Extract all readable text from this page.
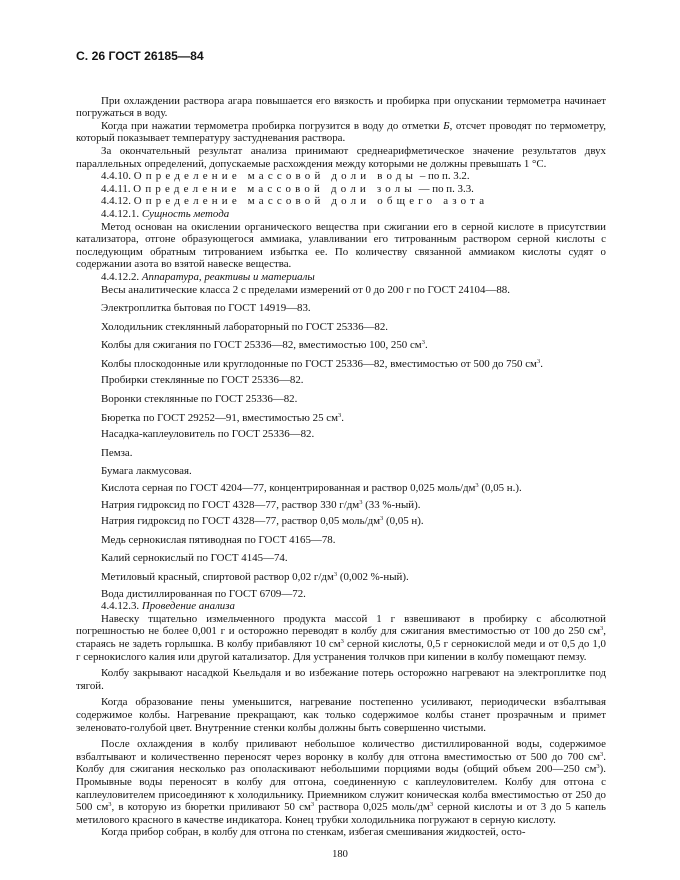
С. 26 ГОСТ 26185—84

При охлаждении раствора агара повышается его вязкость и пробирка при опускании термометра начинает погружаться в воду.

Когда при нажатии термометра пробирка погрузится в воду до отметки Б, отсчет проводят по термометру, который показывает температуру застудневания раствора.

За окончательный результат анализа принимают среднеарифметическое значение результатов двух параллельных определений, допускаемые расхождения между которыми не должны превышать 1 °С.

4.4.10. Определение массовой доли воды – по п. 3.2.

4.4.11. Определение массовой доли золы — по п. 3.3.

4.4.12. Определение массовой доли общего азота

4.4.12.1. Сущность метода

Метод основан на окислении органического вещества при сжигании его в серной кислоте в присутствии катализатора, отгоне образующегося аммиака, улавливании его титрованным раствором серной кислоты с последующим обратным титрованием избытка ее. По количеству связанной аммиаком кислоты судят о содержании азота во взятой навеске вещества.

4.4.12.2. Аппаратура, реактивы и материалы

Весы аналитические класса 2 с пределами измерений от 0 до 200 г по ГОСТ 24104—88.

Электроплитка бытовая по ГОСТ 14919—83.

Холодильник стеклянный лабораторный по ГОСТ 25336—82.

Колбы для сжигания по ГОСТ 25336—82, вместимостью 100, 250 $см^3$.

Колбы плоскодонные или круглодонные по ГОСТ 25336—82, вместимостью от 500 до 750 $см^3$.

Пробирки стеклянные по ГОСТ 25336—82.

Воронки стеклянные по ГОСТ 25336—82.

Бюретка по ГОСТ 29252—91, вместимостью 25 $см^3$.

Насадка-каплеуловитель по ГОСТ 25336—82.

Пемза.

Бумага лакмусовая.

Кислота серная по ГОСТ 4204—77, концентрированная и раствор 0,025 моль/$дм^3$ (0,05 н.).

Натрия гидроксид по ГОСТ 4328—77, раствор 330 $г/дм^3$ (33 %-ный).

Натрия гидроксид по ГОСТ 4328—77, раствор 0,05 моль/$дм^3$ (0,05 н).

Медь сернокислая пятиводная по ГОСТ 4165—78.

Калий сернокислый по ГОСТ 4145—74.

Метиловый красный, спиртовой раствор 0,02 $г/дм^3$ (0,002 %-ный).

Вода дистиллированная по ГОСТ 6709—72.

4.4.12.3. Проведение анализа

Навеску тщательно измельченного продукта массой 1 г взвешивают в пробирку с абсолютной погрешностью не более 0,001 г и осторожно переводят в колбу для сжигания вместимостью от 100 до 250 $см^3$, стараясь не задеть горлышка. В колбу прибавляют 10 $см^3$ серной кислоты, 0,5 г сернокислой меди и от 0,5 до 1,0 г сернокислого калия или другой катализатор. Для устранения толчков при кипении в колбу помещают пемзу.

Колбу закрывают насадкой Кьельдаля и во избежание потерь осторожно нагревают на электроплитке под тягой.

Когда образование пены уменьшится, нагревание постепенно усиливают, периодически взбалтывая содержимое колбы. Нагревание прекращают, как только содержимое колбы станет прозрачным и примет зеленовато-голубой цвет. Внутренние стенки колбы должны быть совершенно чистыми.

После охлаждения в колбу приливают небольшое количество дистиллированной воды, содержимое взбалтывают и количественно переносят через воронку в колбу для отгона вместимостью от 500 до 700 $см^3$. Колбу для сжигания несколько раз ополаскивают небольшими порциями воды (общий объем 200—250 $см^3$). Промывные воды переносят в колбу для отгона, соединенную с каплеуловителем. Колбу для отгона с каплеуловителем присоединяют к холодильнику. Приемником служит коническая колба вместимостью от 250 до 500 $см^3$, в которую из бюретки приливают 50 $см^3$ раствора 0,025 моль/$дм^3$ серной кислоты и от 3 до 5 капель метилового красного в качестве индикатора. Конец трубки холодильника погружают в серную кислоту.

Когда прибор собран, в колбу для отгона по стенкам, избегая смешивания жидкостей, осто-

180
